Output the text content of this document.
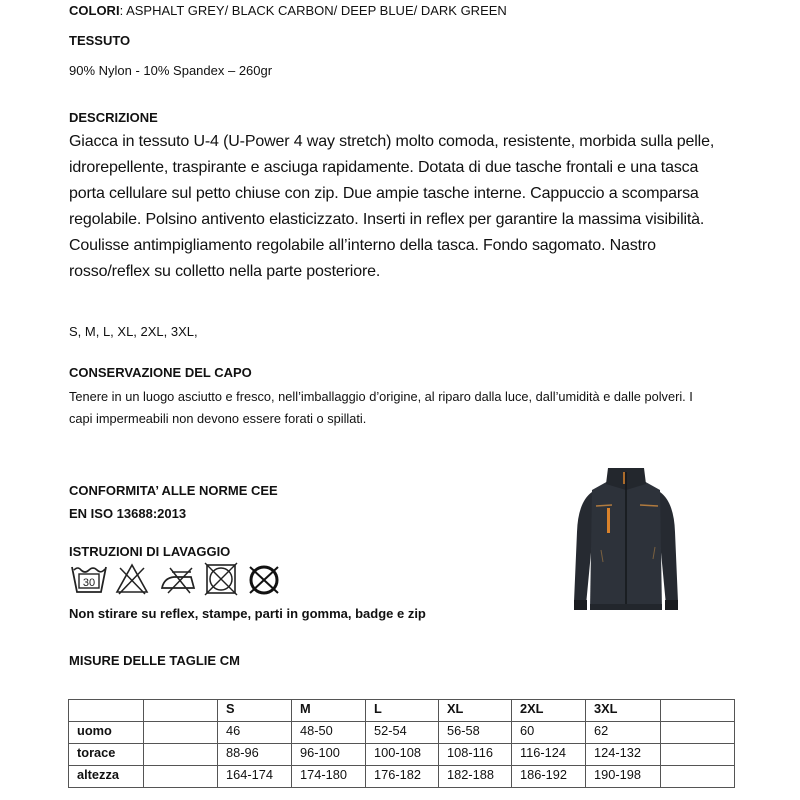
COLORI: ASPHALT GREY/ BLACK CARBON/ DEEP BLUE/ DARK GREEN
TESSUTO
90% Nylon - 10% Spandex – 260gr
DESCRIZIONE
Giacca in tessuto U-4 (U-Power 4 way stretch) molto comoda, resistente, morbida sulla pelle,
idrorepellente, traspirante e asciuga rapidamente. Dotata di due tasche frontali e una tasca
porta cellulare sul petto chiuse con zip. Due ampie tasche interne. Cappuccio a scomparsa
regolabile. Polsino antivento elasticizzato. Inserti in reflex per garantire la massima visibilità.
Coulisse antimpigliamento regolabile all’interno della tasca. Fondo sagomato. Nastro
rosso/reflex su colletto nella parte posteriore.
S, M, L, XL, 2XL, 3XL,
CONSERVAZIONE DEL CAPO
Tenere in un luogo asciutto e fresco, nell’imballaggio d’origine, al riparo dalla luce, dall’umidità e dalle polveri. I
capi impermeabili non devono essere forati o spillati.
CONFORMITA’ ALLE NORME CEE
EN ISO 13688:2013
ISTRUZIONI DI LAVAGGIO
30
Non stirare su reflex, stampe, parti in gomma, badge e zip
MISURE DELLE TAGLIE CM
		S	M	L	XL	2XL	3XL	
uomo		46	48-50	52-54	56-58	60	62	
torace		88-96	96-100	100-108	108-116	116-124	124-132	
altezza		164-174	174-180	176-182	182-188	186-192	190-198	
